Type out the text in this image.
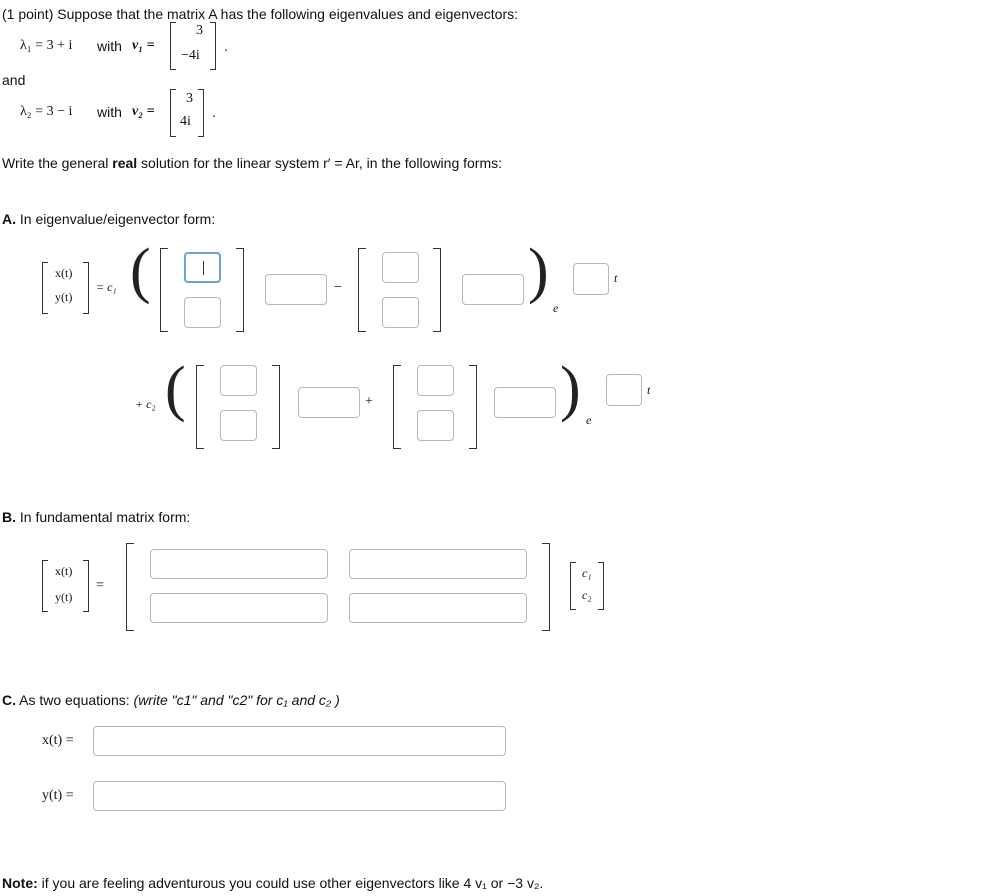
(1 point) Suppose that the matrix A has the following eigenvalues and eigenvectors:
λ₁ = 3 + i with v₁ =
3
−4i
.
and
λ₂ = 3 − i with v₂ =
3
4i
.
Write the general real solution for the linear system r′ = Ar, in the following forms:
A. In eigenvalue/eigenvector form:
x(t)
y(t)
= c₁ (	−	)
e
t
+ c₂ (	+	) e
t
B. In fundamental matrix form:
x(t)
y(t)
=
c₁
c₂
C. As two equations: (write "c1" and "c2" for c₁ and c₂ )
x(t) =
y(t) =
Note: if you are feeling adventurous you could use other eigenvectors like 4 v₁ or −3 v₂.
